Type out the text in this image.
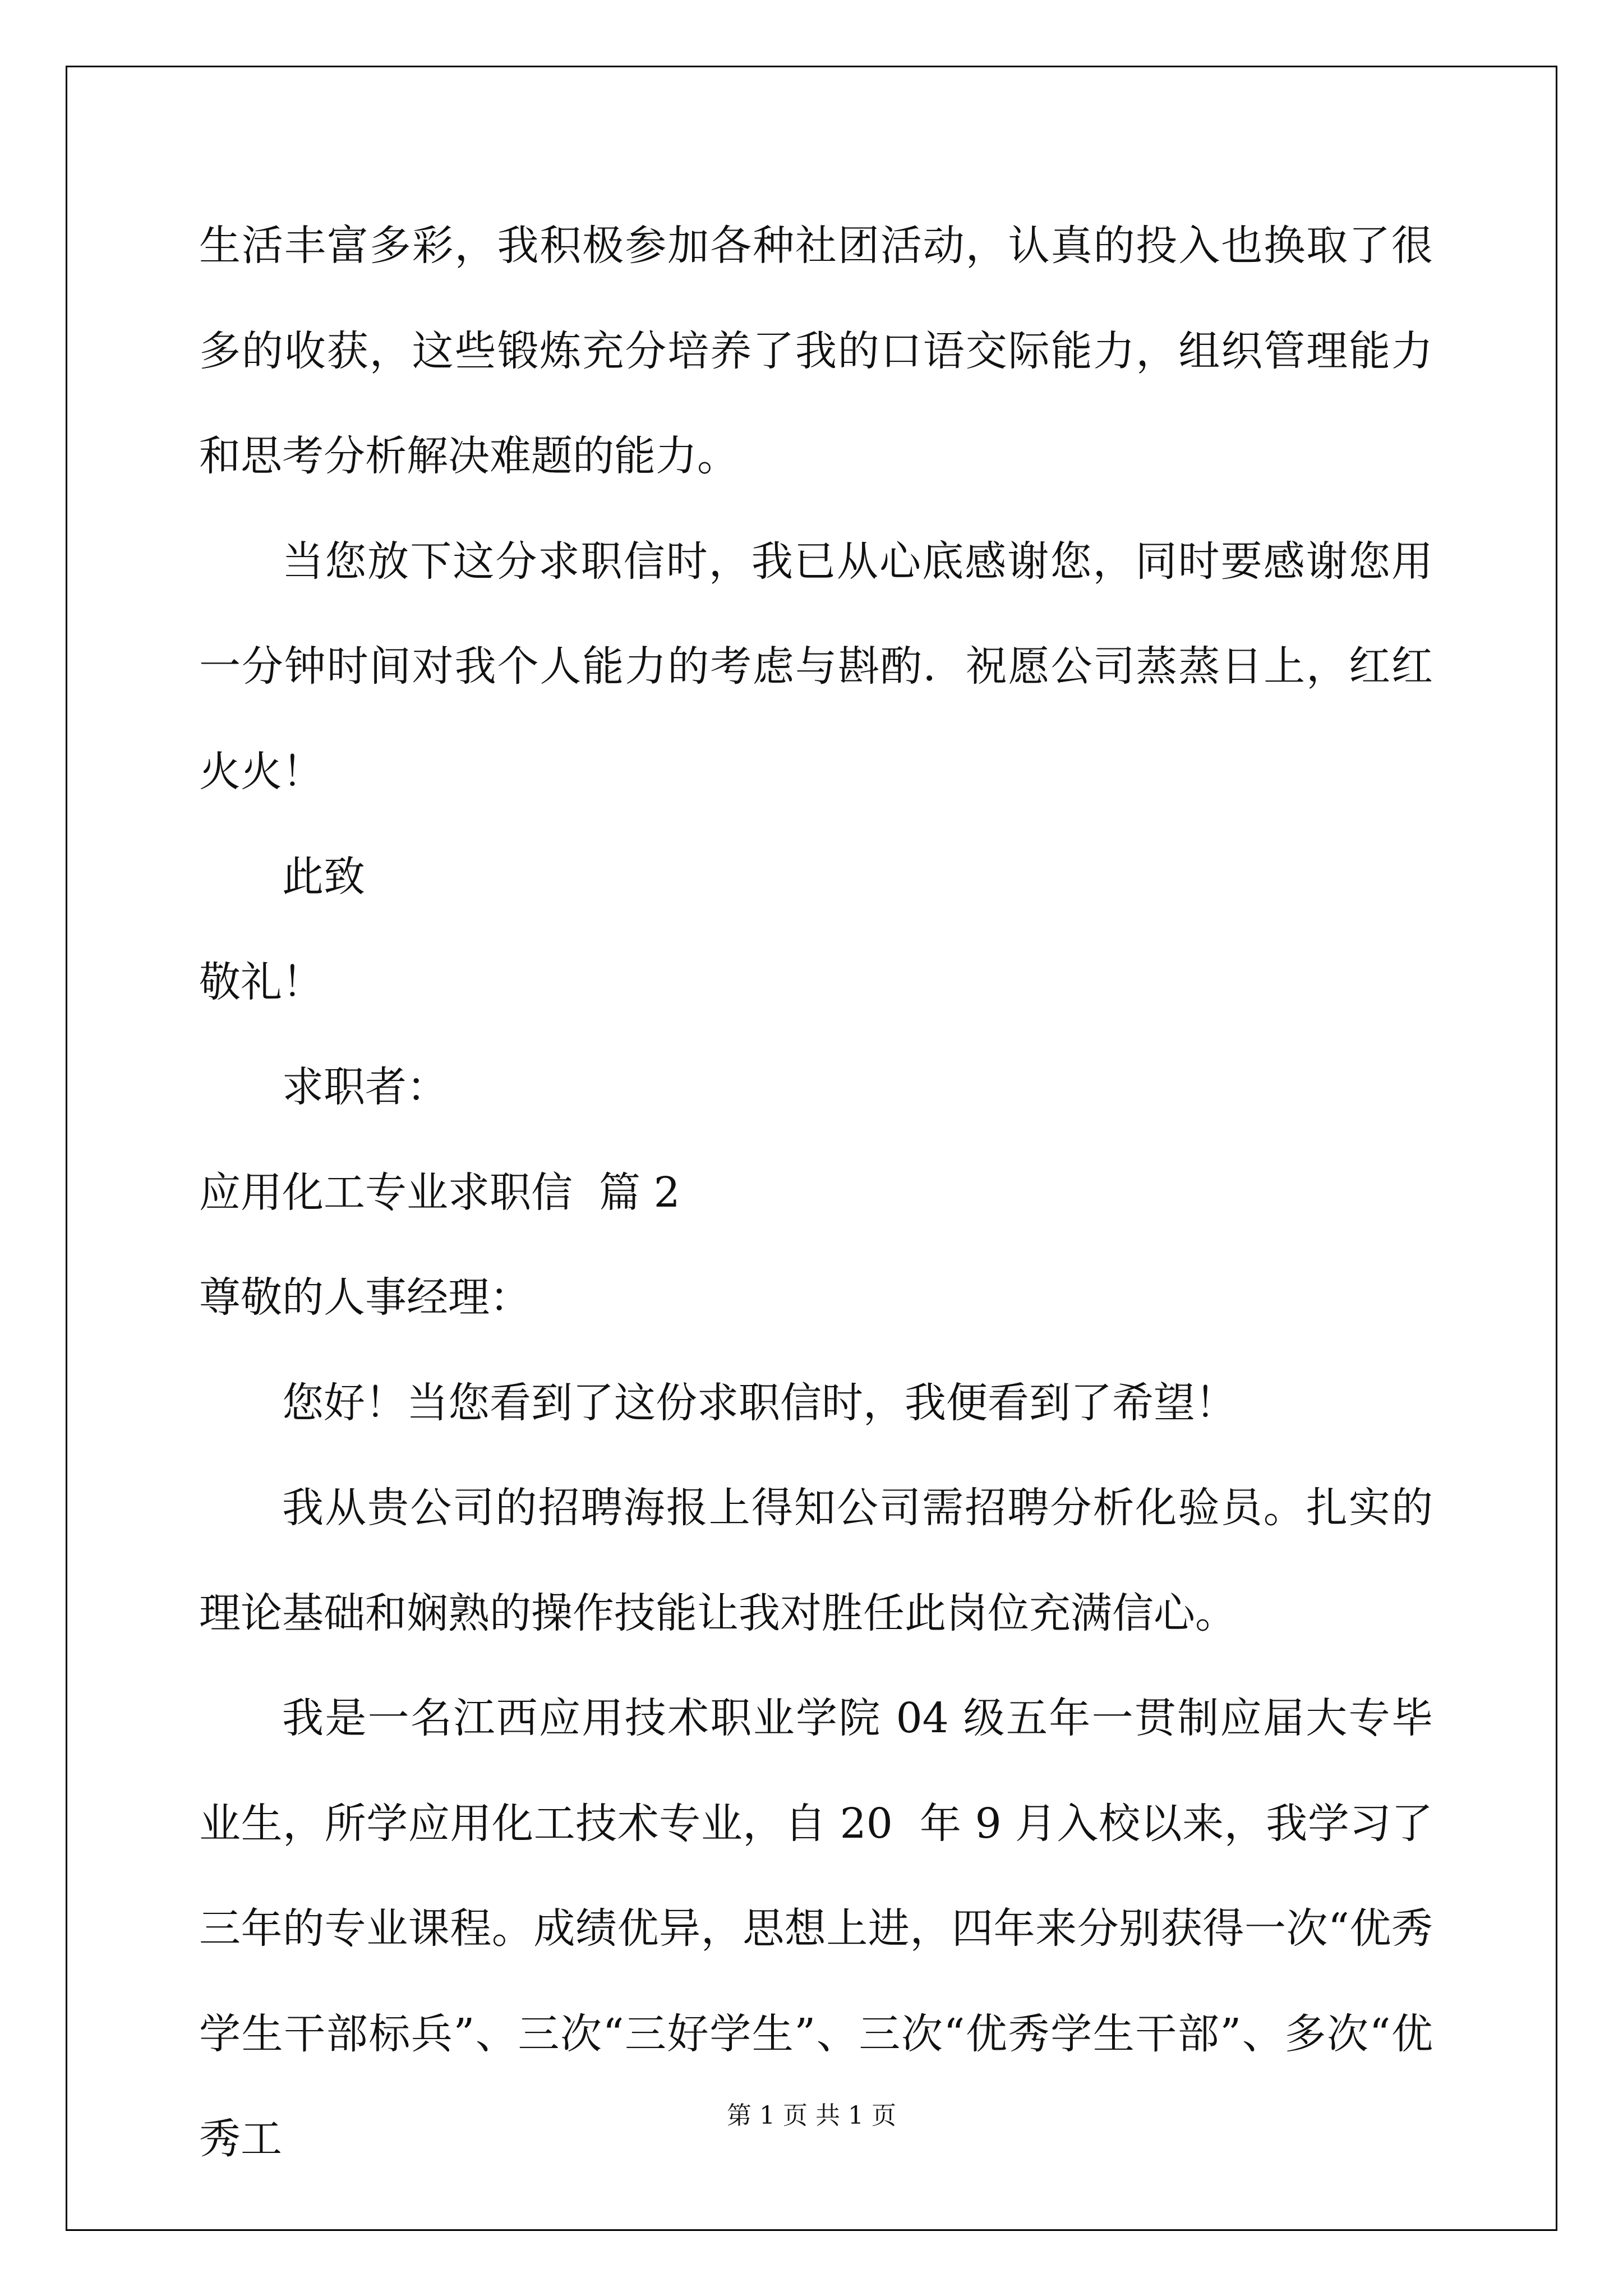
生活丰富多彩，我积极参加各种社团活动，认真的投入也换取了很多的收获，这些锻炼充分培养了我的口语交际能力，组织管理能力和思考分析解决难题的能力。

当您放下这分求职信时，我已从心底感谢您，同时要感谢您用一分钟时间对我个人能力的考虑与斟酌．祝愿公司蒸蒸日上，红红火火！

此致

敬礼！

求职者：

应用化工专业求职信  篇 2

尊敬的人事经理：

您好！当您看到了这份求职信时，我便看到了希望！

我从贵公司的招聘海报上得知公司需招聘分析化验员。扎实的理论基础和娴熟的操作技能让我对胜任此岗位充满信心。

我是一名江西应用技术职业学院 04 级五年一贯制应届大专毕业生，所学应用化工技术专业，自 20  年 9 月入校以来，我学习了三年的专业课程。成绩优异，思想上进，四年来分别获得一次“优秀学生干部标兵”、三次“三好学生”、三次“优秀学生干部”、多次“优秀工	第 1 页 共 1 页
